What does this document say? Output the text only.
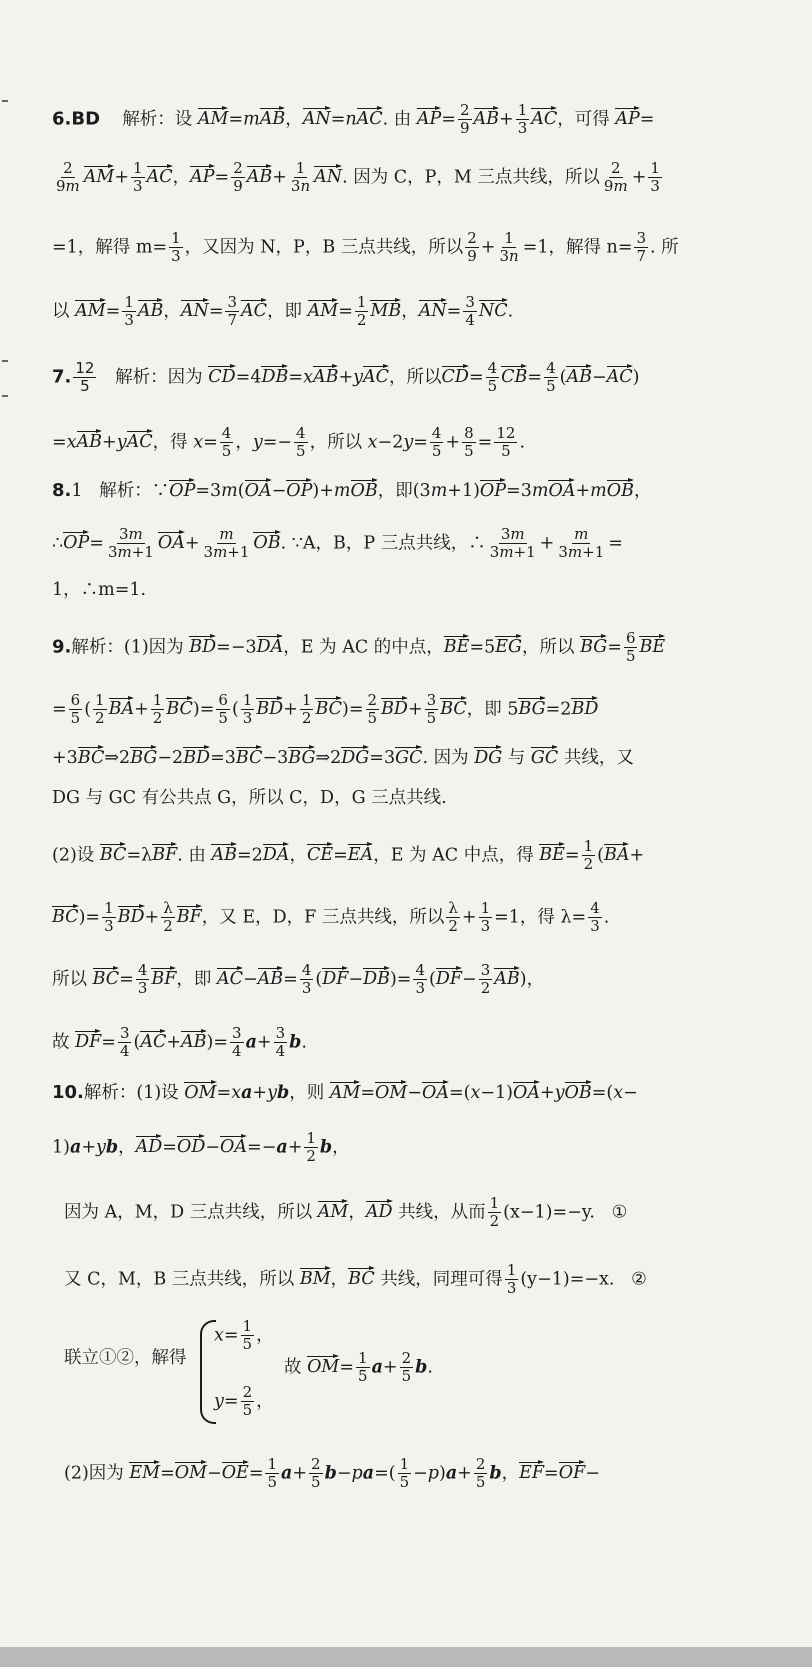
6.BD 解析：设 AM=mAB，AN=nAC. 由 $AP= \frac{2}{9} AB+ \frac{1}{3}$ AC，可得 AP=
$\frac{2}{9m} AM+ \frac{1}{3}$ AC，$AP= \frac{2}{9} AB+ \frac{1}{3n}$ AN. 因为 C，P，M 三点共线，所以 $\frac{2}{9m} + \frac{1}{3}$
=1，解得 $m= \frac{1}{3}$ ，又因为 N，P，B 三点共线，所以 $\frac{2}{9} + \frac{1}{3n} =1$，解得 $n= \frac{3}{7}$ . 所
以 $AM= \frac{1}{3}$ AB，$AN= \frac{3}{7}$ AC，即 $AM= \frac{1}{2}$ MB，$AN= \frac{3}{4}$ NC.
7. $\frac{12}{5}$ 解析：因为 CD=4DB=xAB+yAC，所以$CD= \frac{4}{5} CB= \frac{4}{5} (AB-AC)$
=xAB+yAC，得 $x= \frac{4}{5}$ ，$y=- \frac{4}{5}$ ，所以 $x-2y= \frac{4}{5} + \frac{8}{5} = \frac{12}{5}$ .
8.1 解析：∵OP=3m(OA−OP)+mOB，即(3m+1)OP=3mOA+mOB，
∴OP= $\frac{3m}{3m+1} OA+ \frac{m}{3m+1}$ OB. ∵A，B，P 三点共线，∴ $\frac{3m}{3m+1} + \frac{m}{3m+1}$ =
1，∴m=1.
9.解析：(1)因为 BD=−3DA，E 为 AC 的中点，BE=5EG，所以 $BG= \frac{6}{5}$ BE
= $\frac{6}{5}$ ( $\frac{1}{2} BA+ \frac{1}{2} BC)= \frac{6}{5}$ ( $\frac{1}{3} BD+ \frac{1}{2} BC)= \frac{2}{5} BD+ \frac{3}{5}$ BC，即 5BG=2BD
+3BC⇒2BG−2BD=3BC−3BG⇒2DG=3GC. 因为 DG 与 GC 共线，又
DG 与 GC 有公共点 G，所以 C，D，G 三点共线.
(2)设 BC=λBF. 由 AB=2DA，CE=EA，E 为 AC 中点，得 $BE= \frac{1}{2} (BA+$
$BC)= \frac{1}{3} BD+ \frac{\lambda}{2}$ BF，又 E，D，F 三点共线，所以 $\frac{\lambda}{2} + \frac{1}{3} =1$，得 $\lambda= \frac{4}{3}$ .
所以 $BC= \frac{4}{3}$ BF，即 $AC-AB= \frac{4}{3} (DF-DB)= \frac{4}{3} (DF- \frac{3}{2} AB)$，
故 $DF= \frac{3}{4} (AC+AB)= \frac{3}{4} a+ \frac{3}{4} b$.
10.解析：(1)设 OM=xa+yb，则 AM=OM−OA=(x−1)OA+yOB=(x−
1)a+yb，$AD=OD-OA=-a+ \frac{1}{2}$ b，
因为 A，M，D 三点共线，所以 AM，AD 共线，从而 $\frac{1}{2} (x-1)=-y$. ①
又 C，M，B 三点共线，所以 BM，BC 共线，同理可得 $\frac{1}{3} (y-1)=-x$. ②
联立①②，解得
$x= \frac{1}{5}$ ，
$y= \frac{2}{5}$ ，
故 $OM= \frac{1}{5} a+ \frac{2}{5} b$.
(2)因为 $EM=OM-OE= \frac{1}{5} a+ \frac{2}{5} b-pa=( \frac{1}{5} -p)a+ \frac{2}{5}$ b，EF=OF−
